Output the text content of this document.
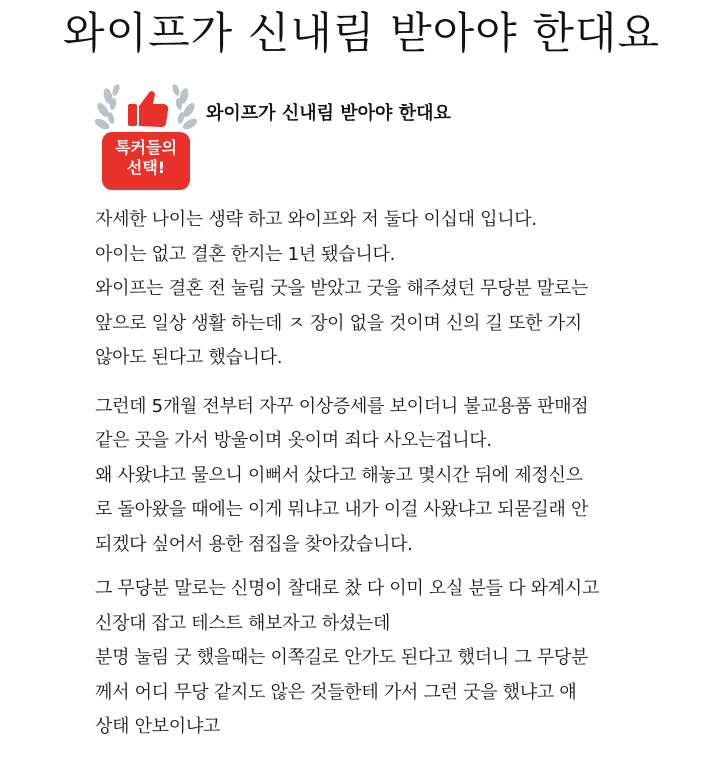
와이프가 신내림 받아야 한대요
톡커들의
선택!
와이프가 신내림 받아야 한대요

자세한 나이는 생략 하고 와이프와 저 둘다 이십대 입니다.
아이는 없고 결혼 한지는 1년 됐습니다.
와이프는 결혼 전 눌림 굿을 받았고 굿을 해주셨던 무당분 말로는
앞으로 일상 생활 하는데 ㅈ 장이 없을 것이며 신의 길 또한 가지
않아도 된다고 했습니다.

그런데 5개월 전부터 자꾸 이상증세를 보이더니 불교용품 판매점
같은 곳을 가서 방울이며 옷이며 죄다 사오는겁니다.
왜 사왔냐고 물으니 이뻐서 샀다고 해놓고 몇시간 뒤에 제정신으
로 돌아왔을 때에는 이게 뭐냐고 내가 이걸 사왔냐고 되묻길래 안
되겠다 싶어서 용한 점집을 찾아갔습니다.

그 무당분 말로는 신명이 찰대로 찼 다 이미 오실 분들 다 와계시고
신장대 잡고 테스트 해보자고 하셨는데
분명 눌림 굿 했을때는 이쪽길로 안가도 된다고 했더니 그 무당분
께서 어디 무당 같지도 않은 것들한테 가서 그런 굿을 했냐고 얘
상태 안보이냐고
